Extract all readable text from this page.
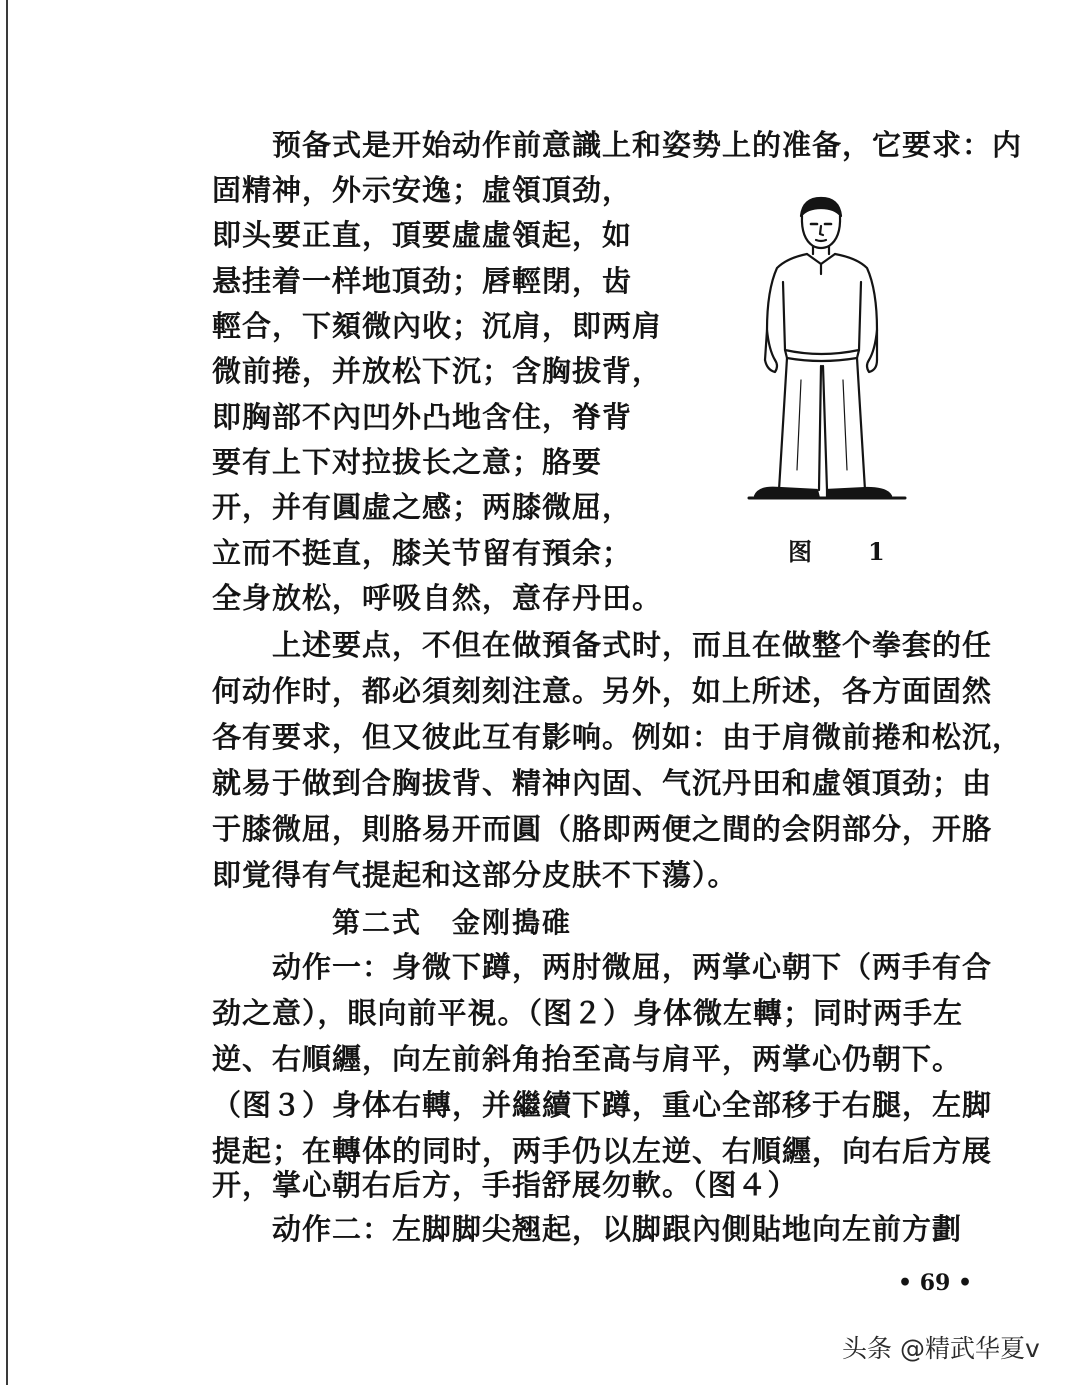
预备式是开始动作前意識上和姿势上的准备，它要求：内
固精神，外示安逸；虛領頂劲，
即头要正直，頂要虛虛領起，如
悬挂着一样地頂劲；唇輕閉，齿
輕合，下頦微內收；沉肩，即两肩
微前捲，并放松下沉；含胸拔背，
即胸部不內凹外凸地含住，脊背
要有上下对拉拔长之意；胳要
开，并有圓虛之感；两膝微屈，
立而不挺直，膝关节留有預余；
全身放松，呼吸自然，意存丹田。
上述要点，不但在做預备式时，而且在做整个拳套的任
何动作时，都必須刻刻注意。另外，如上所述，各方面固然
各有要求，但又彼此互有影响。例如：由于肩微前捲和松沉，
就易于做到合胸拔背、精神內固、气沉丹田和虛領頂劲；由
于膝微屈，則胳易开而圓（胳即两便之間的会阴部分，开胳
即覚得有气提起和这部分皮肤不下蕩）。
第二式　金刚搗碓
动作一：身微下蹲，两肘微屈，两掌心朝下（两手有合
劲之意），眼向前平視。（图２）身体微左轉；同时两手左
逆、右順纒，向左前斜角抬至高与肩平，两掌心仍朝下。
（图３）身体右轉，并繼續下蹲，重心全部移于右腿，左脚
提起；在轉体的同时，两手仍以左逆、右順纒，向右后方展
开，掌心朝右后方，手指舒展勿軟。（图４）
动作二：左脚脚尖翘起，以脚跟內側貼地向左前方劃
图　1
• 69 •
头条 @精武华夏v
